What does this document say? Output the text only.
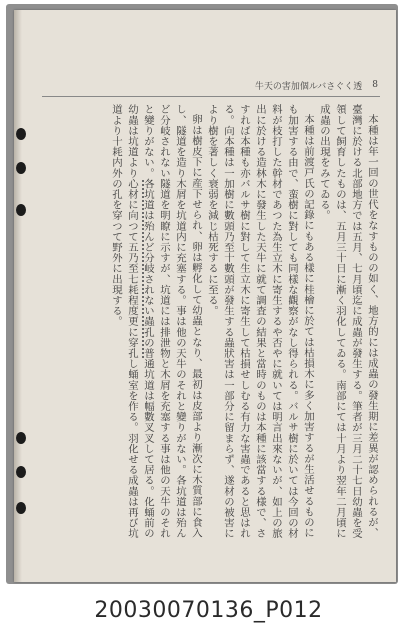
牛天の害加個ルバさぐく透 8

本種は年一回の世代をなすものの如く、地方的には成蟲の發生期に差異が認められるが、臺灣に於ける北部地方では五月、七月頃迄に成蟲が發生する。筆者が三月二十七日幼蟲を受領して飼育したものは、五月三十日に漸く羽化してゐる。南部にては十月より翌年二月頃に成蟲の出現をみてゐる。

本種は前渡戸氏の記錄にもある樣に桂檜に於ては枯損木に多く加害するが生活せるものにも加害する由で、蛮樹に對しても同樣な觀察がなし得られる。バルサ樹に於いては今回の材料が枝打した幹材であつた為生立木に寄生するや否やに就いては明言出來ないが、如上の旅出に於ける造林木に發生した天牛に就て調査の結果と當時のものは本種に該當する様で、さすれば本種も亦バルサ樹に對して生立木に寄生して枯損せしむる有力な害蟲であると思はれる。向本種は一加樹に數頭乃至十數頭が發生する蟲狀害は一部分に留まらず、遂材の被害により樹を著しく衰弱を減じ枯死するに至る。

卵は樹皮下に産下せられ、卵は孵化して幼蟲となり、最初は皮部より漸次に木質部に食入し、隧道を造り木屑を坑道内に充塞する。事は他の天牛のそれと變りがない。各坑道は殆んど分岐されない隧道を明瞭に示すが、坑道には排泄物と木屑を充塞する事は他の天牛のそれと變りがない。各坑道は殆んど分岐されない蟲孔の普通坑道は幅數叉叉して居る。化蛹前の幼蟲は坑道より心材に向つて五乃至七耗程度更に穿孔し蛹室を作る。羽化せる成蟲は再び坑道より十耗内外の孔を穿つて野外に出現する。

20030070136_P012
